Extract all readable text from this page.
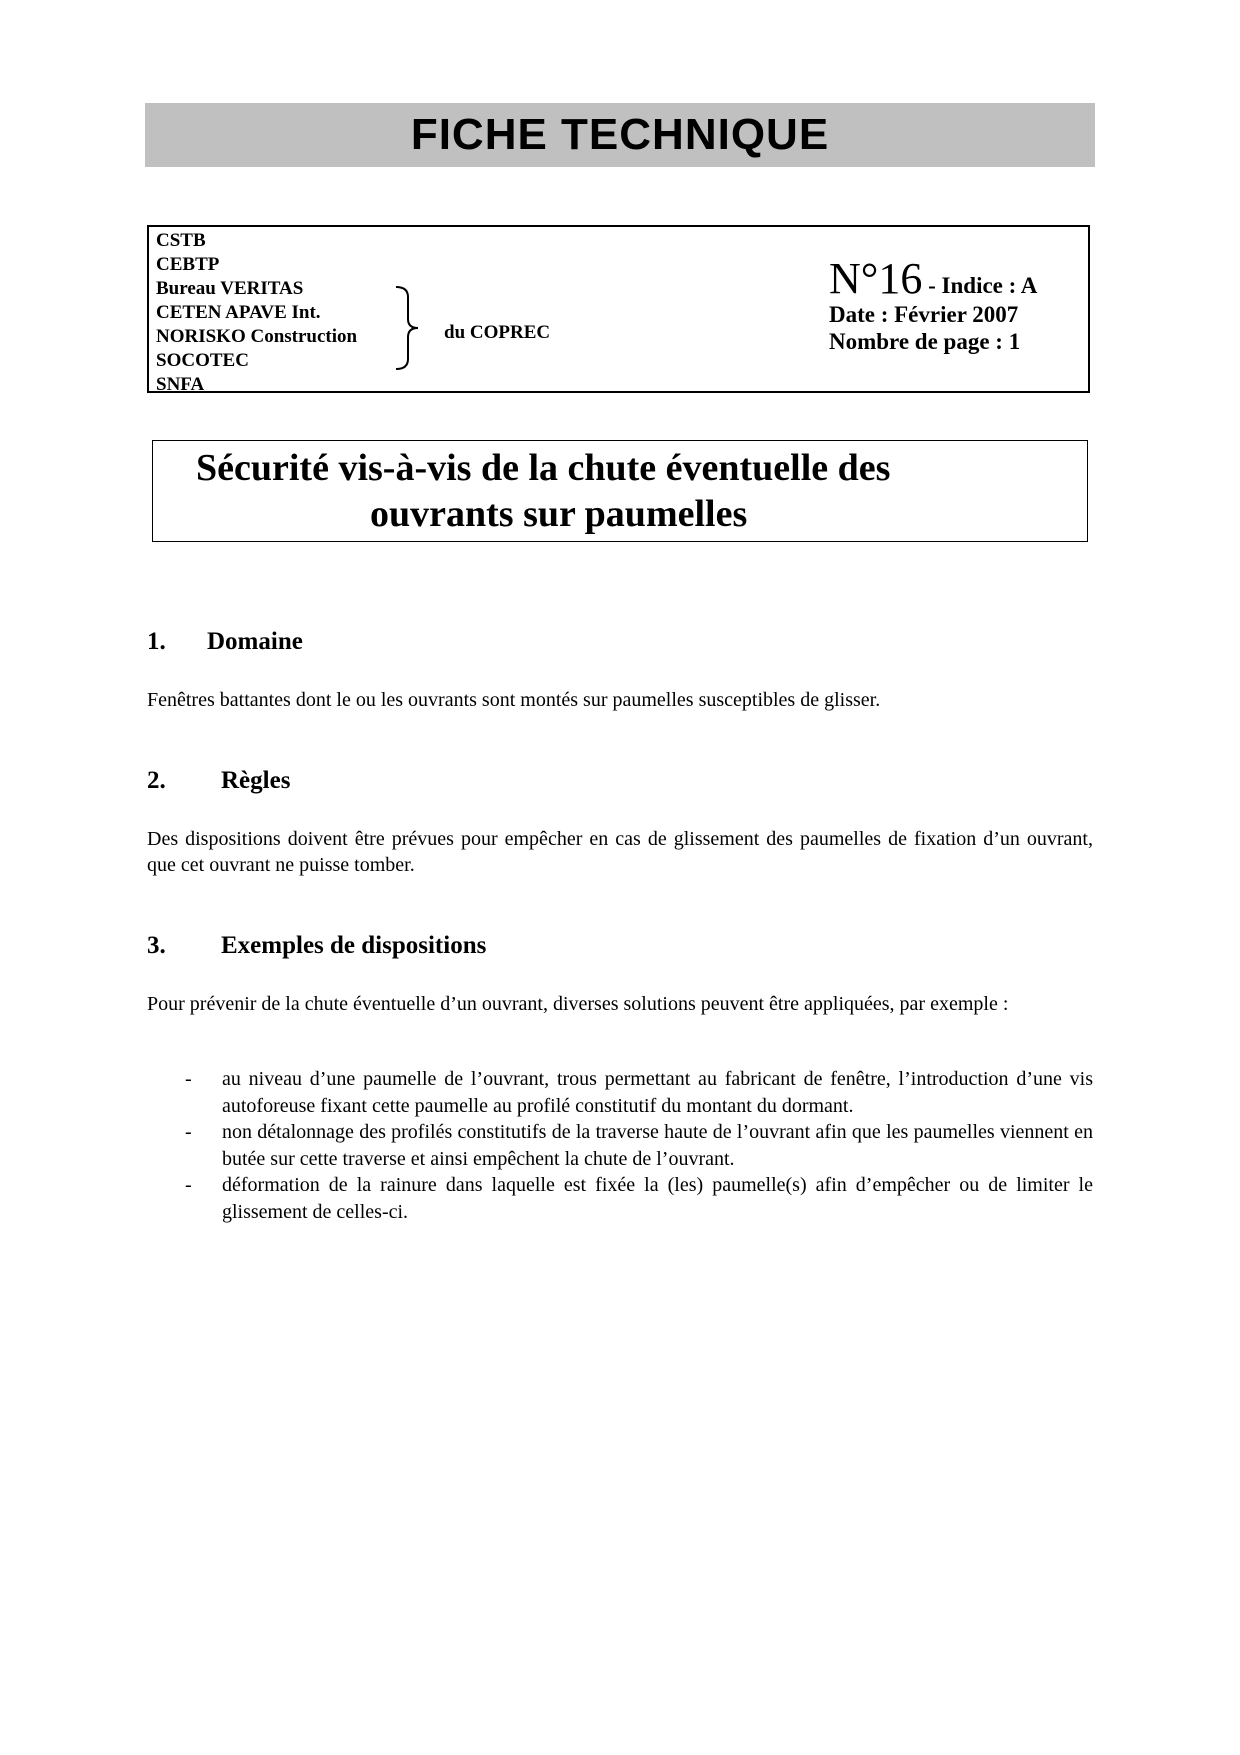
FICHE TECHNIQUE
CSTB
CEBTP
Bureau VERITAS
CETEN APAVE Int.
NORISKO Construction
SOCOTEC
SNFA
du COPREC
N°16 - Indice : A
Date : Février 2007
Nombre de page : 1
Sécurité vis-à-vis de la chute éventuelle des
ouvrants sur paumelles
1. Domaine
Fenêtres battantes dont le ou les ouvrants sont montés sur paumelles susceptibles de glisser.
2. Règles
Des dispositions doivent être prévues pour empêcher en cas de glissement des paumelles de fixation d’un ouvrant, que cet ouvrant ne puisse tomber.
3. Exemples de dispositions
Pour prévenir de la chute éventuelle d’un ouvrant, diverses solutions peuvent être appliquées, par exemple :
- au niveau d’une paumelle de l’ouvrant, trous permettant au fabricant de fenêtre, l’introduction d’une vis autoforeuse fixant cette paumelle au profilé constitutif du montant du dormant.
- non détalonnage des profilés constitutifs de la traverse haute de l’ouvrant afin que les paumelles viennent en butée sur cette traverse et ainsi empêchent la chute de l’ouvrant.
- déformation de la rainure dans laquelle est fixée la (les) paumelle(s) afin d’empêcher ou de limiter le glissement de celles-ci.
